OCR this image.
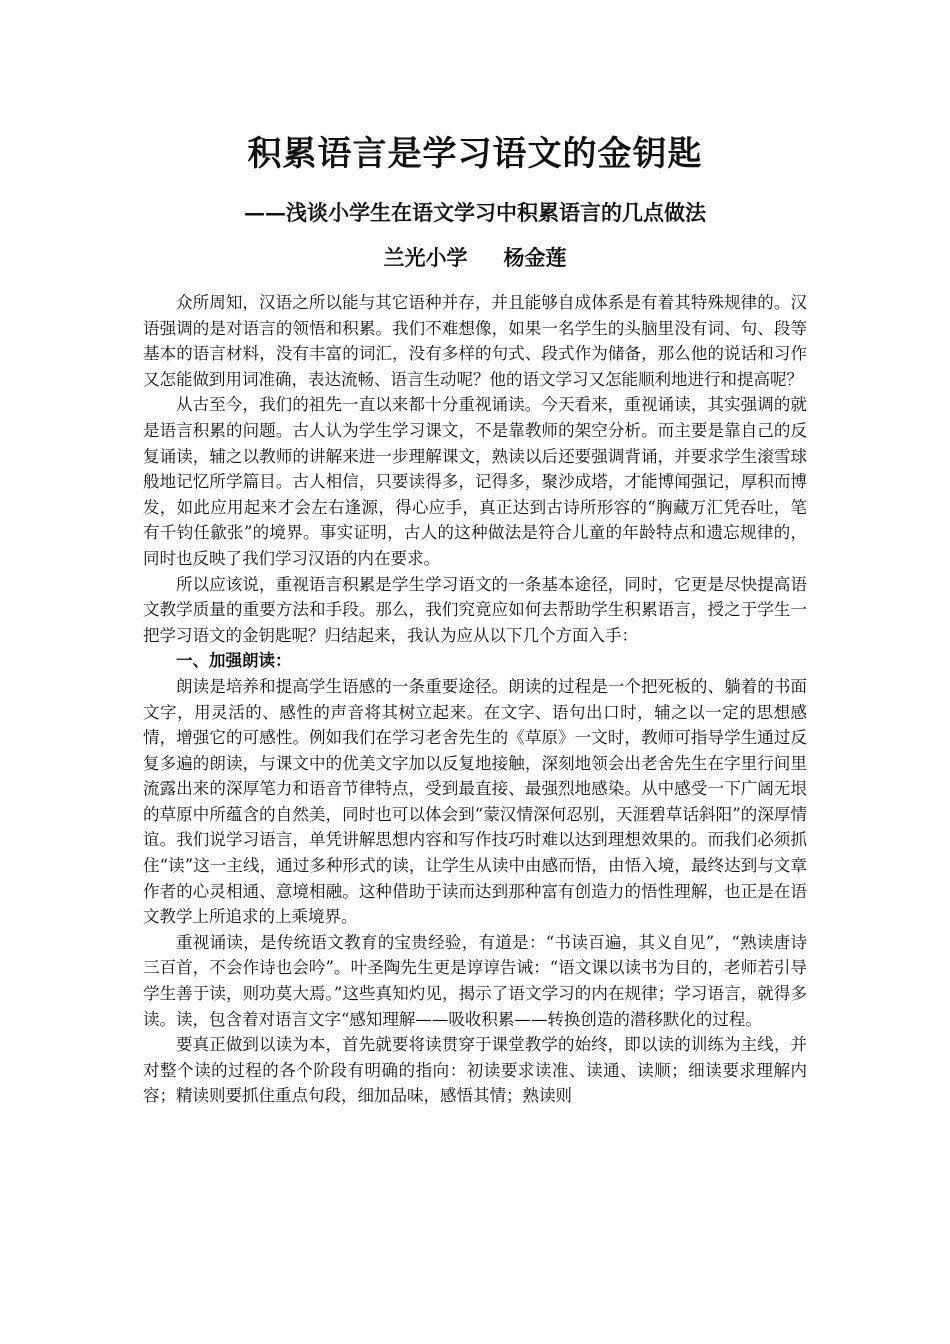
积累语言是学习语文的金钥匙
——浅谈小学生在语文学习中积累语言的几点做法
兰光小学 杨金莲

众所周知，汉语之所以能与其它语种并存，并且能够自成体系是有着其特殊规律的。汉语强调的是对语言的领悟和积累。我们不难想像，如果一名学生的头脑里没有词、句、段等基本的语言材料，没有丰富的词汇，没有多样的句式、段式作为储备，那么他的说话和习作又怎能做到用词准确，表达流畅、语言生动呢？他的语文学习又怎能顺利地进行和提高呢？

从古至今，我们的祖先一直以来都十分重视诵读。今天看来，重视诵读，其实强调的就是语言积累的问题。古人认为学生学习课文，不是靠教师的架空分析。而主要是靠自己的反复诵读，辅之以教师的讲解来进一步理解课文，熟读以后还要强调背诵，并要求学生滚雪球般地记忆所学篇目。古人相信，只要读得多，记得多，聚沙成塔，才能博闻强记，厚积而博发，如此应用起来才会左右逢源，得心应手，真正达到古诗所形容的“胸藏万汇凭吞吐，笔有千钧任歙张”的境界。事实证明，古人的这种做法是符合儿童的年龄特点和遗忘规律的，同时也反映了我们学习汉语的内在要求。

所以应该说，重视语言积累是学生学习语文的一条基本途径，同时，它更是尽快提高语文教学质量的重要方法和手段。那么，我们究竟应如何去帮助学生积累语言，授之于学生一把学习语文的金钥匙呢？归结起来，我认为应从以下几个方面入手：

一、加强朗读：

朗读是培养和提高学生语感的一条重要途径。朗读的过程是一个把死板的、躺着的书面文字，用灵活的、感性的声音将其树立起来。在文字、语句出口时，辅之以一定的思想感情，增强它的可感性。例如我们在学习老舍先生的《草原》一文时，教师可指导学生通过反复多遍的朗读，与课文中的优美文字加以反复地接触，深刻地领会出老舍先生在字里行间里流露出来的深厚笔力和语音节律特点，受到最直接、最强烈地感染。从中感受一下广阔无垠的草原中所蕴含的自然美，同时也可以体会到“蒙汉情深何忍别，天涯碧草话斜阳”的深厚情谊。我们说学习语言，单凭讲解思想内容和写作技巧时难以达到理想效果的。而我们必须抓住“读”这一主线，通过多种形式的读，让学生从读中由感而悟，由悟入境，最终达到与文章作者的心灵相通、意境相融。这种借助于读而达到那种富有创造力的悟性理解，也正是在语文教学上所追求的上乘境界。

重视诵读，是传统语文教育的宝贵经验，有道是：“书读百遍，其义自见”，“熟读唐诗三百首，不会作诗也会吟”。叶圣陶先生更是谆谆告诫：“语文课以读书为目的，老师若引导学生善于读，则功莫大焉。”这些真知灼见，揭示了语文学习的内在规律；学习语言，就得多读。读，包含着对语言文字“感知理解——吸收积累——转换创造的潜移默化的过程。

要真正做到以读为本，首先就要将读贯穿于课堂教学的始终，即以读的训练为主线，并对整个读的过程的各个阶段有明确的指向：初读要求读准、读通、读顺；细读要求理解内容；精读则要抓住重点句段，细加品味，感悟其情；熟读则
